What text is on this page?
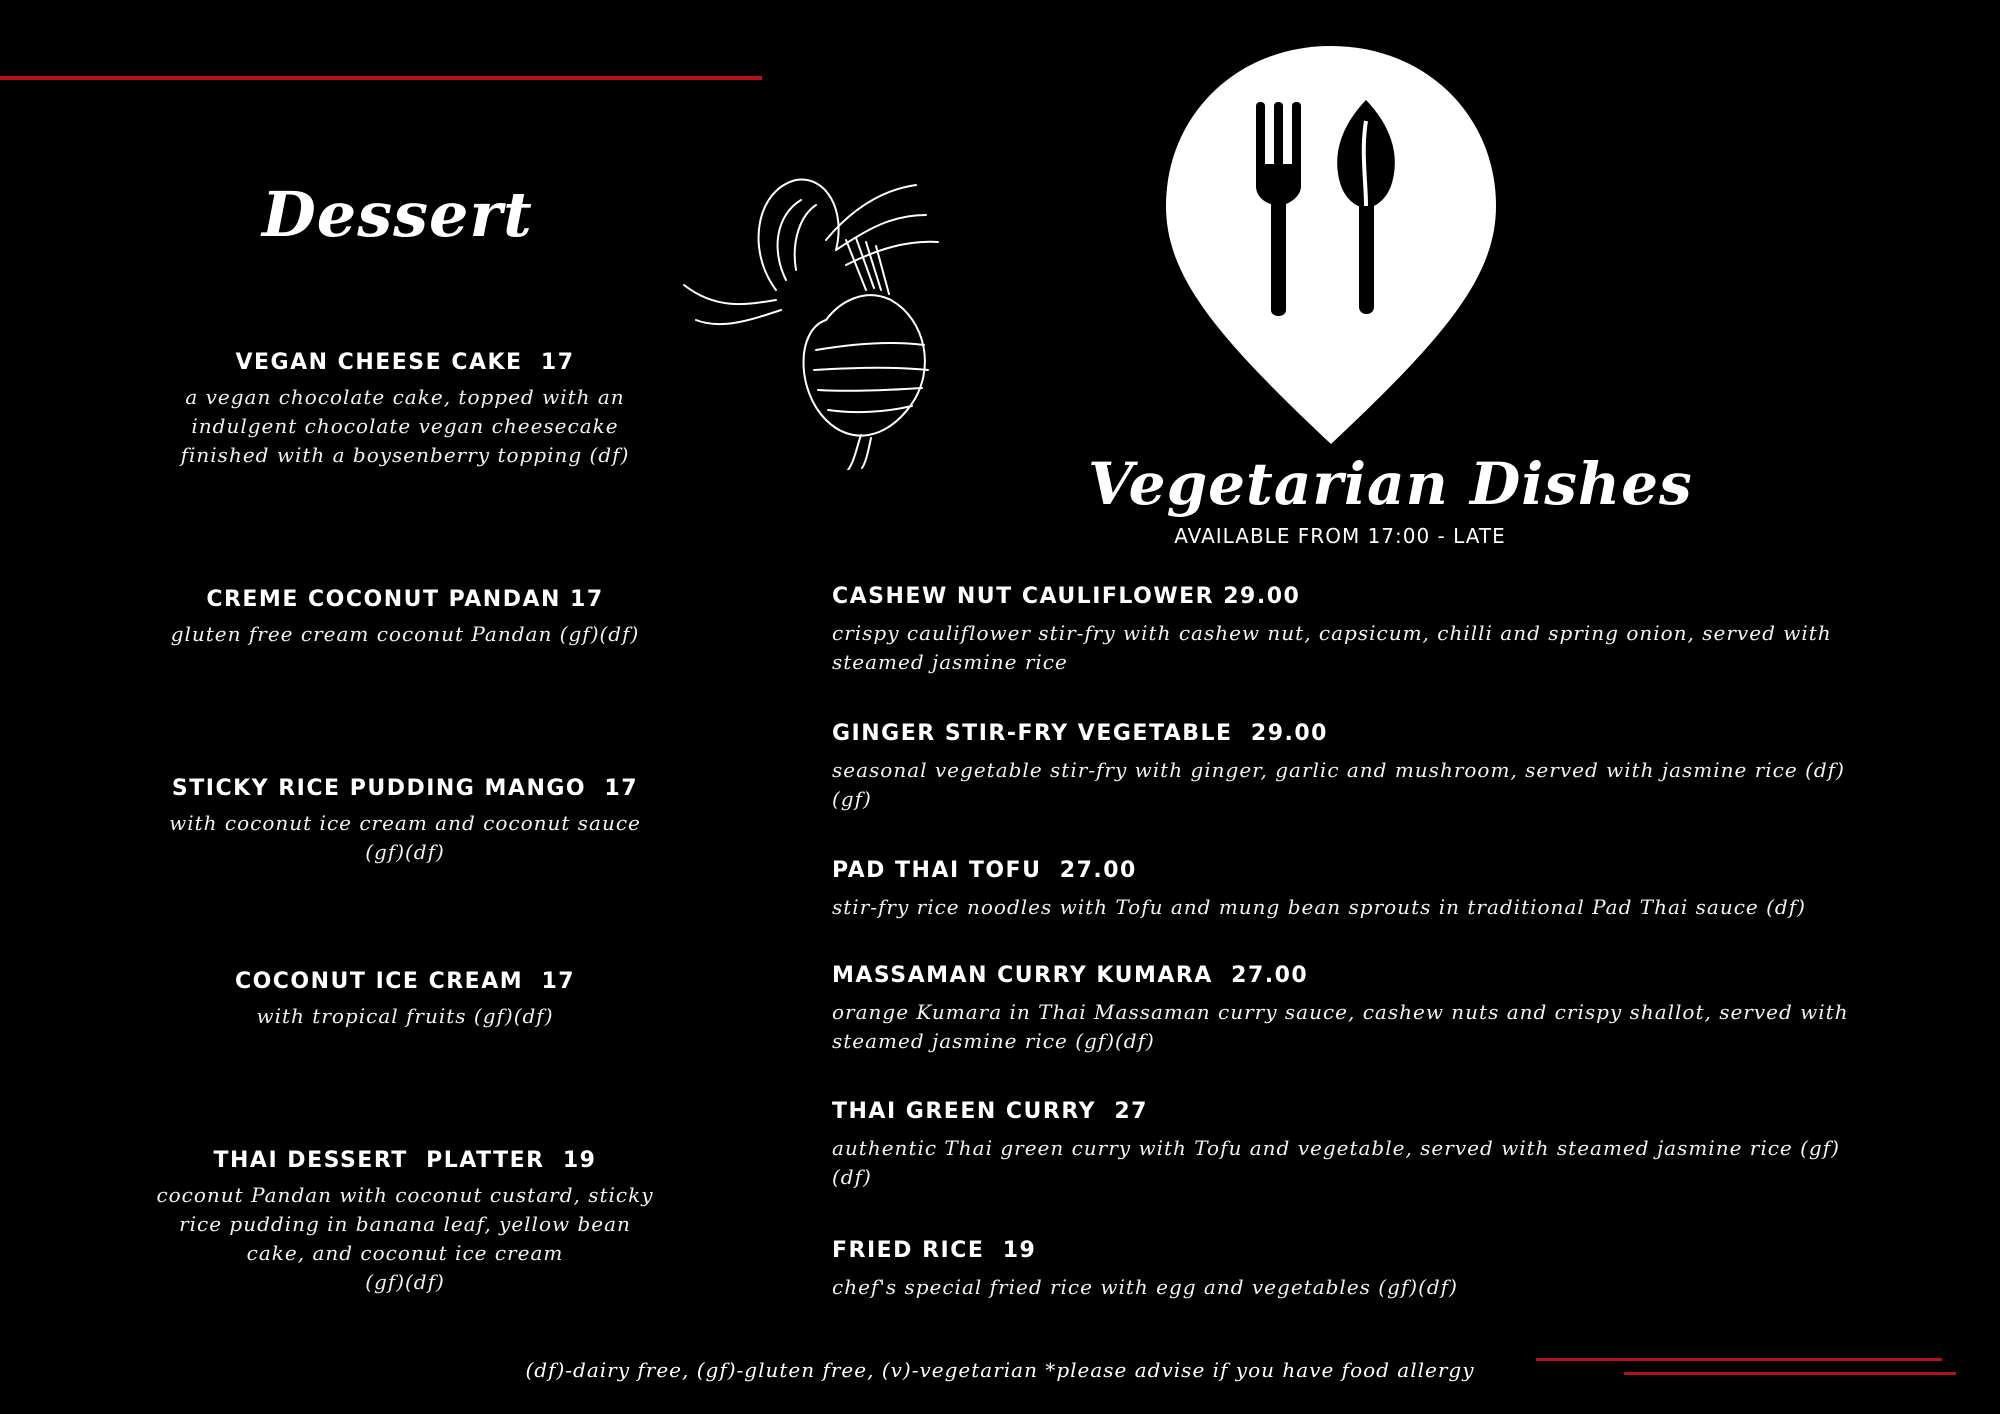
Dessert
Vegetarian Dishes
AVAILABLE FROM 17:00 - LATE
VEGAN CHEESE CAKE  17
a vegan chocolate cake, topped with an
indulgent chocolate vegan cheesecake
finished with a boysenberry topping (df)
CREME COCONUT PANDAN 17
gluten free cream coconut Pandan (gf)(df)
STICKY RICE PUDDING MANGO  17
with coconut ice cream and coconut sauce
(gf)(df)
COCONUT ICE CREAM  17
with tropical fruits (gf)(df)
THAI DESSERT  PLATTER  19
coconut Pandan with coconut custard, sticky
rice pudding in banana leaf, yellow bean
cake, and coconut ice cream
(gf)(df)
CASHEW NUT CAULIFLOWER 29.00
crispy cauliflower stir-fry with cashew nut, capsicum, chilli and spring onion, served with
steamed jasmine rice
GINGER STIR-FRY VEGETABLE  29.00
seasonal vegetable stir-fry with ginger, garlic and mushroom, served with jasmine rice (df)
(gf)
PAD THAI TOFU  27.00
stir-fry rice noodles with Tofu and mung bean sprouts in traditional Pad Thai sauce (df)
MASSAMAN CURRY KUMARA  27.00
orange Kumara in Thai Massaman curry sauce, cashew nuts and crispy shallot, served with
steamed jasmine rice (gf)(df)
THAI GREEN CURRY  27
authentic Thai green curry with Tofu and vegetable, served with steamed jasmine rice (gf)
(df)
FRIED RICE  19
chef's special fried rice with egg and vegetables (gf)(df)
(df)-dairy free, (gf)-gluten free, (v)-vegetarian *please advise if you have food allergy
